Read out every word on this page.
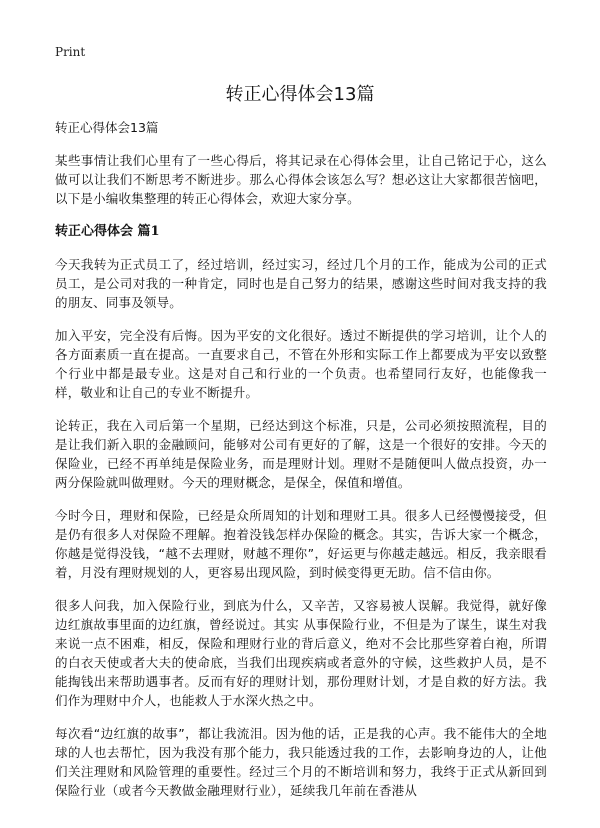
Print
转正心得体会13篇

转正心得体会13篇

某些事情让我们心里有了一些心得后，将其记录在心得体会里，让自己铭记于心，这么做可以让我们不断思考不断进步。那么心得体会该怎么写？想必这让大家都很苦恼吧，以下是小编收集整理的转正心得体会，欢迎大家分享。

转正心得体会 篇1

今天我转为正式员工了，经过培训，经过实习，经过几个月的工作，能成为公司的正式员工，是公司对我的一种肯定，同时也是自己努力的结果，感谢这些时间对我支持的我的朋友、同事及领导。

加入平安，完全没有后悔。因为平安的文化很好。透过不断提供的学习培训，让个人的各方面素质一直在提高。一直要求自己，不管在外形和实际工作上都要成为平安以致整个行业中都是最专业。这是对自己和行业的一个负责。也希望同行友好，也能像我一样，敬业和让自己的专业不断提升。

论转正，我在入司后第一个星期，已经达到这个标准，只是，公司必须按照流程，目的是让我们新入职的金融顾问，能够对公司有更好的了解，这是一个很好的安排。今天的保险业，已经不再单纯是保险业务，而是理财计划。理财不是随便叫人做点投资，办一两分保险就叫做理财。今天的理财概念，是保全，保值和增值。

今时今日，理财和保险，已经是众所周知的计划和理财工具。很多人已经慢慢接受，但是仍有很多人对保险不理解。抱着没钱怎样办保险的概念。其实，告诉大家一个概念，你越是觉得没钱，“越不去理财，财越不理你”，好运更与你越走越远。相反，我亲眼看着，月没有理财规划的人，更容易出现风险，到时候变得更无助。信不信由你。

很多人问我，加入保险行业，到底为什么，又辛苦，又容易被人误解。我觉得，就好像边红旗故事里面的边红旗，曾经说过。其实 从事保险行业，不但是为了谋生，谋生对我来说一点不困难，相反，保险和理财行业的背后意义，绝对不会比那些穿着白袍，所谓的白衣天使或者大夫的使命底，当我们出现疾病或者意外的守候，这些救护人员，是不能掏钱出来帮助遇事者。反而有好的理财计划，那份理财计划，才是自救的好方法。我们作为理财中介人，也能救人于水深火热之中。

每次看“边红旗的故事”，都让我流泪。因为他的话，正是我的心声。我不能伟大的全地球的人也去帮忙，因为我没有那个能力，我只能透过我的工作，去影响身边的人，让他们关注理财和风险管理的重要性。经过三个月的不断培训和努力，我终于正式从新回到保险行业（或者今天教做金融理财行业），延续我几年前在香港从
